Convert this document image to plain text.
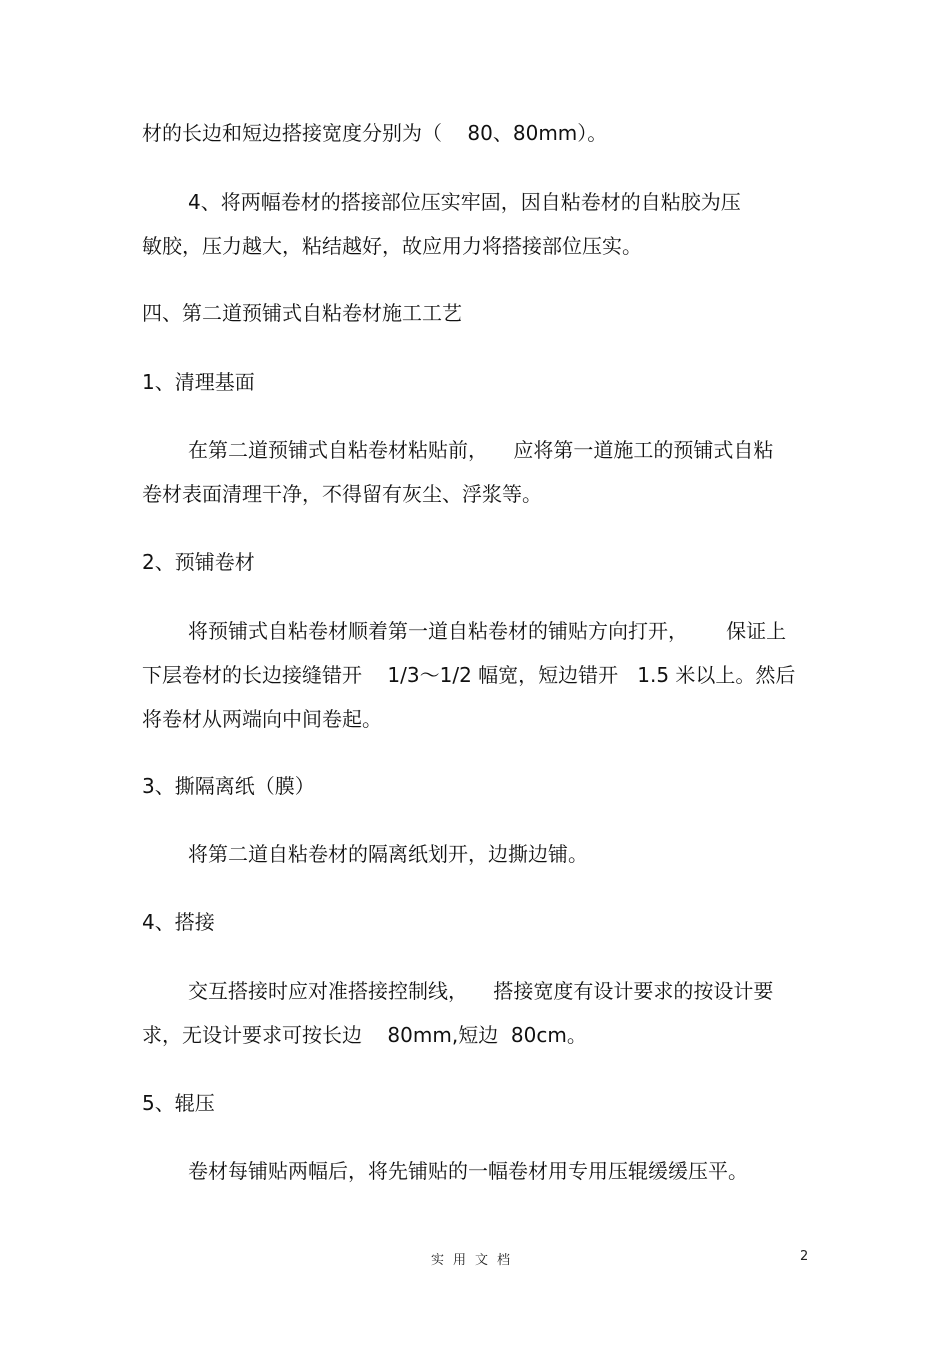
材的长边和短边搭接宽度分别为（    80、80mm）。
4、将两幅卷材的搭接部位压实牢固，因自粘卷材的自粘胶为压
敏胶，压力越大，粘结越好，故应用力将搭接部位压实。
四、第二道预铺式自粘卷材施工工艺
1、清理基面
在第二道预铺式自粘卷材粘贴前，    应将第一道施工的预铺式自粘
卷材表面清理干净，不得留有灰尘、浮浆等。
2、预铺卷材
将预铺式自粘卷材顺着第一道自粘卷材的铺贴方向打开，      保证上
下层卷材的长边接缝错开    1/3～1/2 幅宽，短边错开   1.5 米以上。然后
将卷材从两端向中间卷起。
3、撕隔离纸（膜）
将第二道自粘卷材的隔离纸划开，边撕边铺。
4、搭接
交互搭接时应对准搭接控制线，    搭接宽度有设计要求的按设计要
求，无设计要求可按长边    80mm,短边  80cm。
5、辊压
卷材每铺贴两幅后，将先铺贴的一幅卷材用专用压辊缓缓压平。
实用文档	2
